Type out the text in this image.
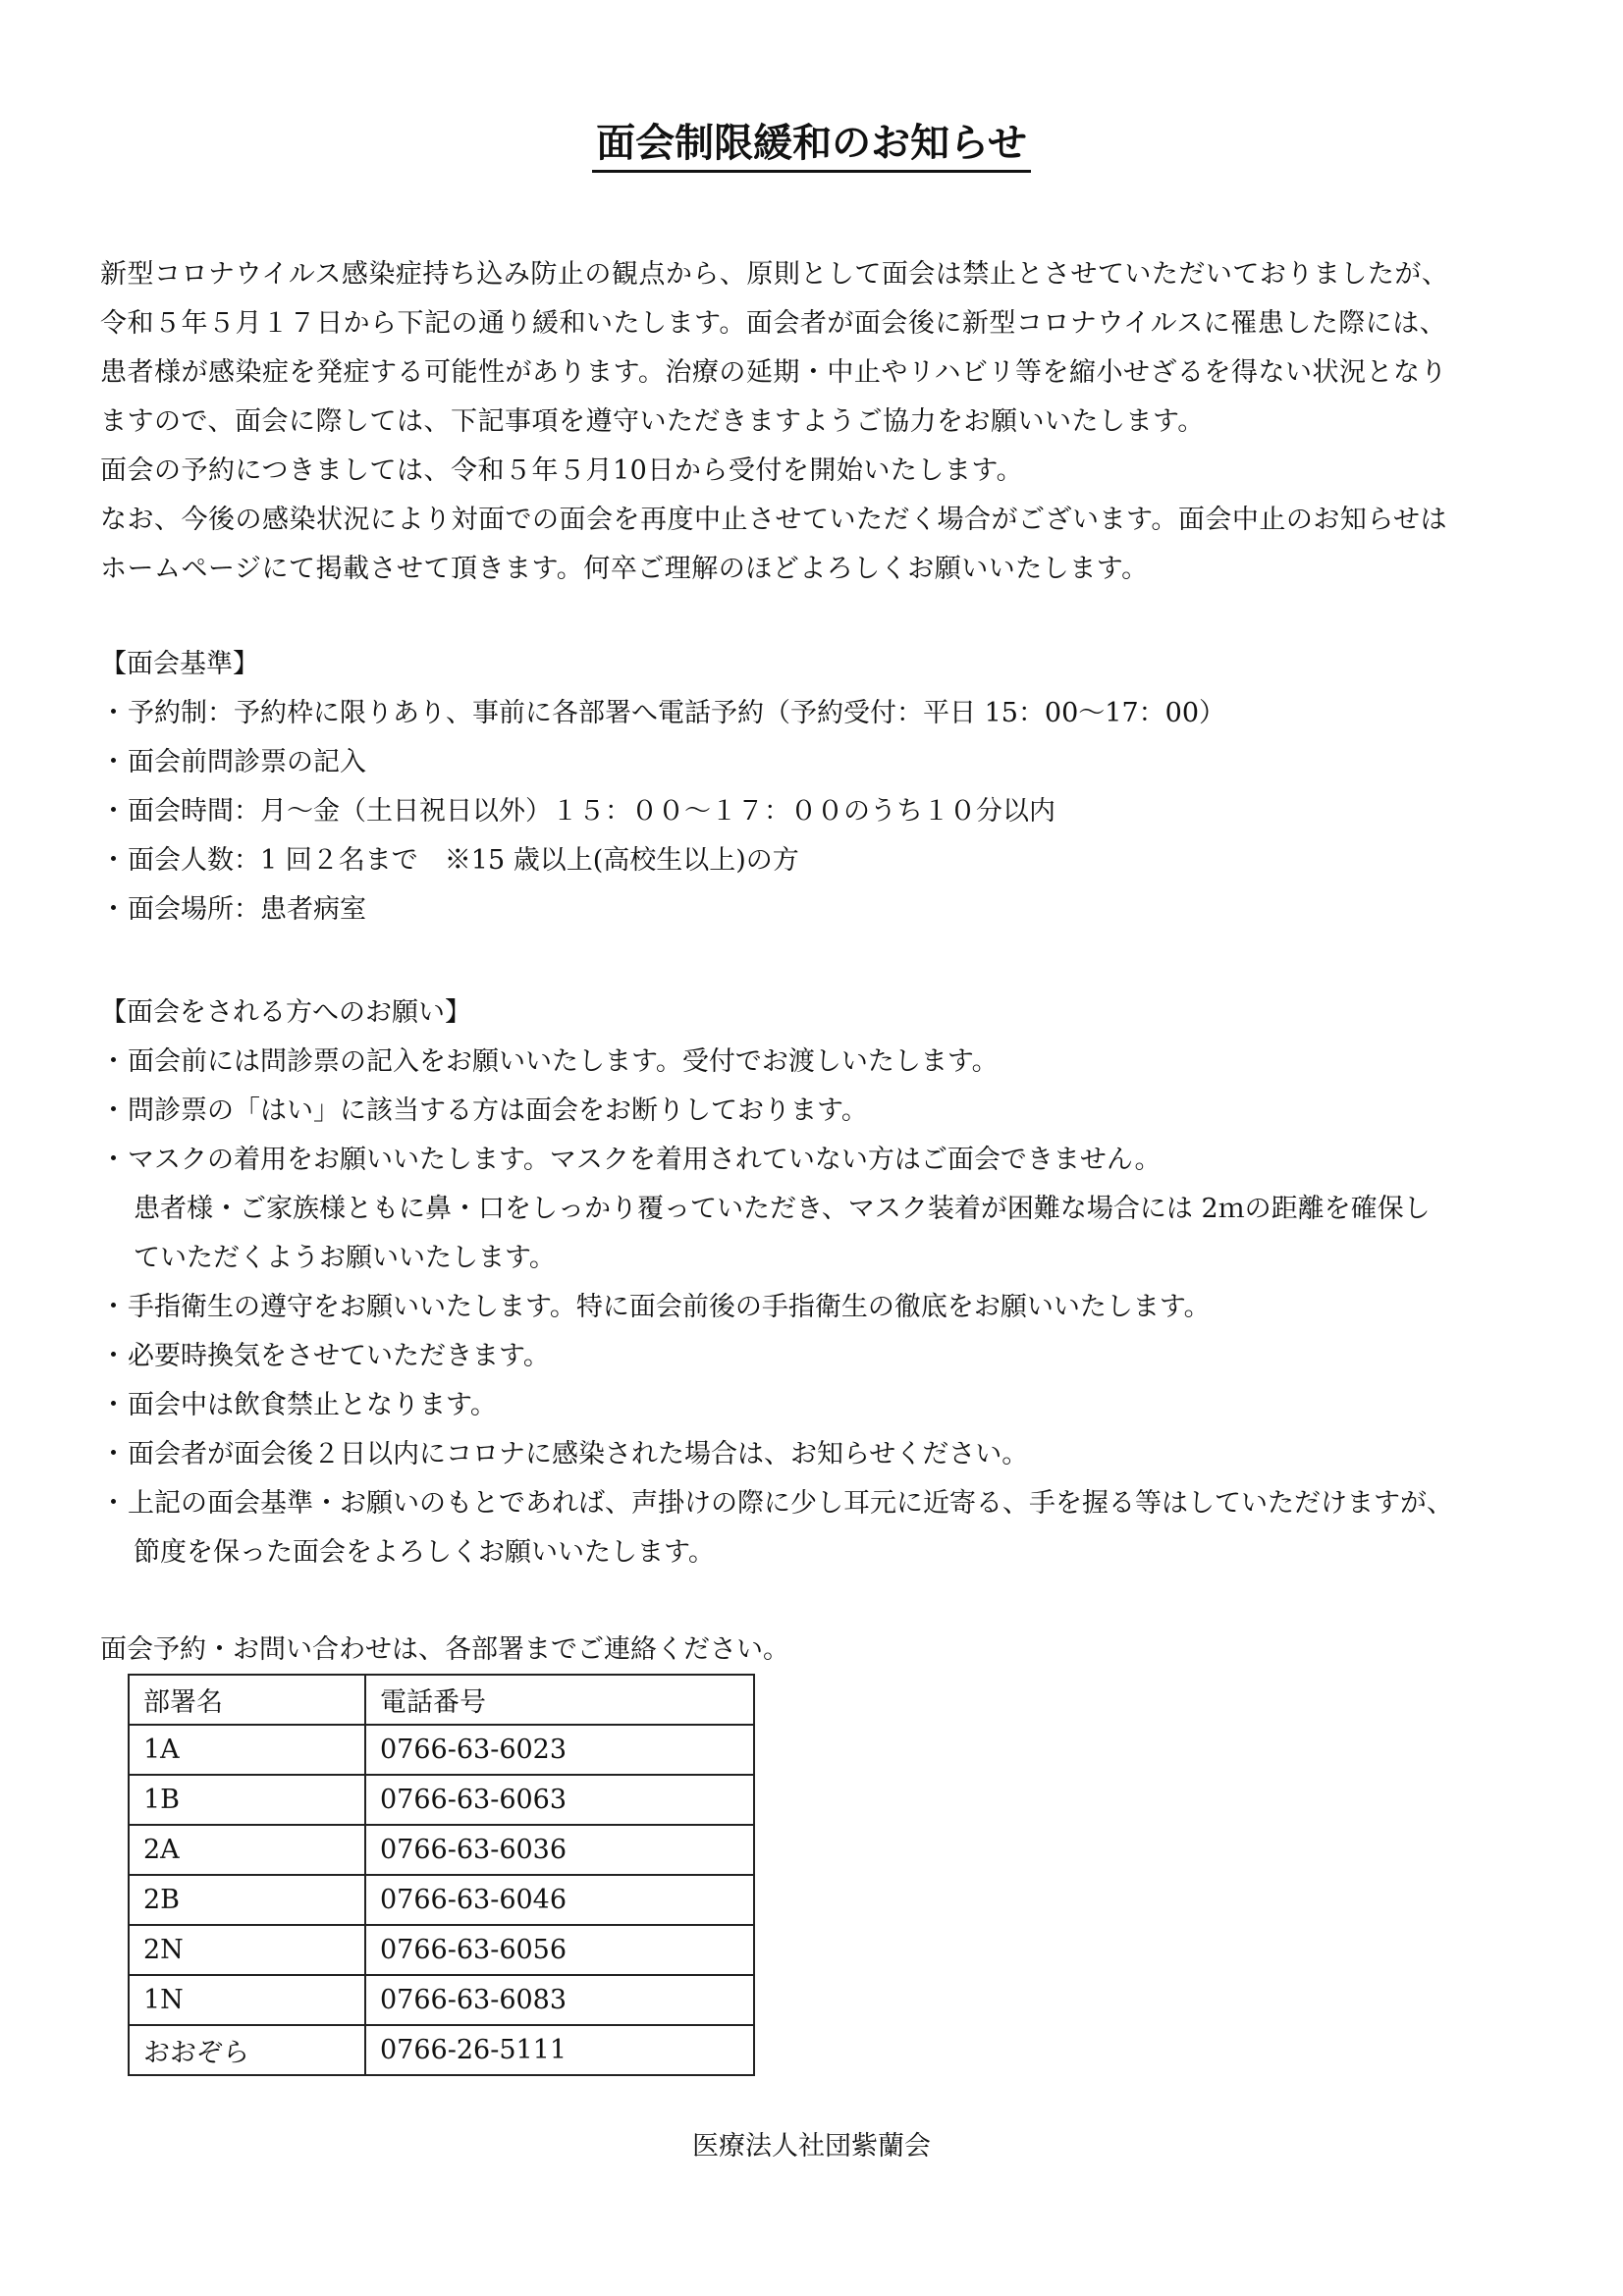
面会制限緩和のお知らせ
新型コロナウイルス感染症持ち込み防止の観点から、原則として面会は禁止とさせていただいておりましたが、
令和５年５月１７日から下記の通り緩和いたします。面会者が面会後に新型コロナウイルスに罹患した際には、
患者様が感染症を発症する可能性があります。治療の延期・中止やリハビリ等を縮小せざるを得ない状況となり
ますので、面会に際しては、下記事項を遵守いただきますようご協力をお願いいたします。
面会の予約につきましては、令和５年５月10日から受付を開始いたします。
なお、今後の感染状況により対面での面会を再度中止させていただく場合がございます。面会中止のお知らせは
ホームページにて掲載させて頂きます。何卒ご理解のほどよろしくお願いいたします。
【面会基準】
・予約制：予約枠に限りあり、事前に各部署へ電話予約（予約受付：平日 15：00～17：00）
・面会前問診票の記入
・面会時間：月～金（土日祝日以外）１５：００～１７：００のうち１０分以内
・面会人数：1 回２名まで　※15 歳以上(高校生以上)の方
・面会場所：患者病室
【面会をされる方へのお願い】
・面会前には問診票の記入をお願いいたします。受付でお渡しいたします。
・問診票の「はい」に該当する方は面会をお断りしております。
・マスクの着用をお願いいたします。マスクを着用されていない方はご面会できません。
患者様・ご家族様ともに鼻・口をしっかり覆っていただき、マスク装着が困難な場合には 2ｍの距離を確保し
ていただくようお願いいたします。
・手指衛生の遵守をお願いいたします。特に面会前後の手指衛生の徹底をお願いいたします。
・必要時換気をさせていただきます。
・面会中は飲食禁止となります。
・面会者が面会後２日以内にコロナに感染された場合は、お知らせください。
・上記の面会基準・お願いのもとであれば、声掛けの際に少し耳元に近寄る、手を握る等はしていただけますが、
節度を保った面会をよろしくお願いいたします。
面会予約・お問い合わせは、各部署までご連絡ください。
部署名	電話番号
1A	0766-63-6023
1B	0766-63-6063
2A	0766-63-6036
2B	0766-63-6046
2N	0766-63-6056
1N	0766-63-6083
おおぞら	0766-26-5111
医療法人社団紫蘭会
